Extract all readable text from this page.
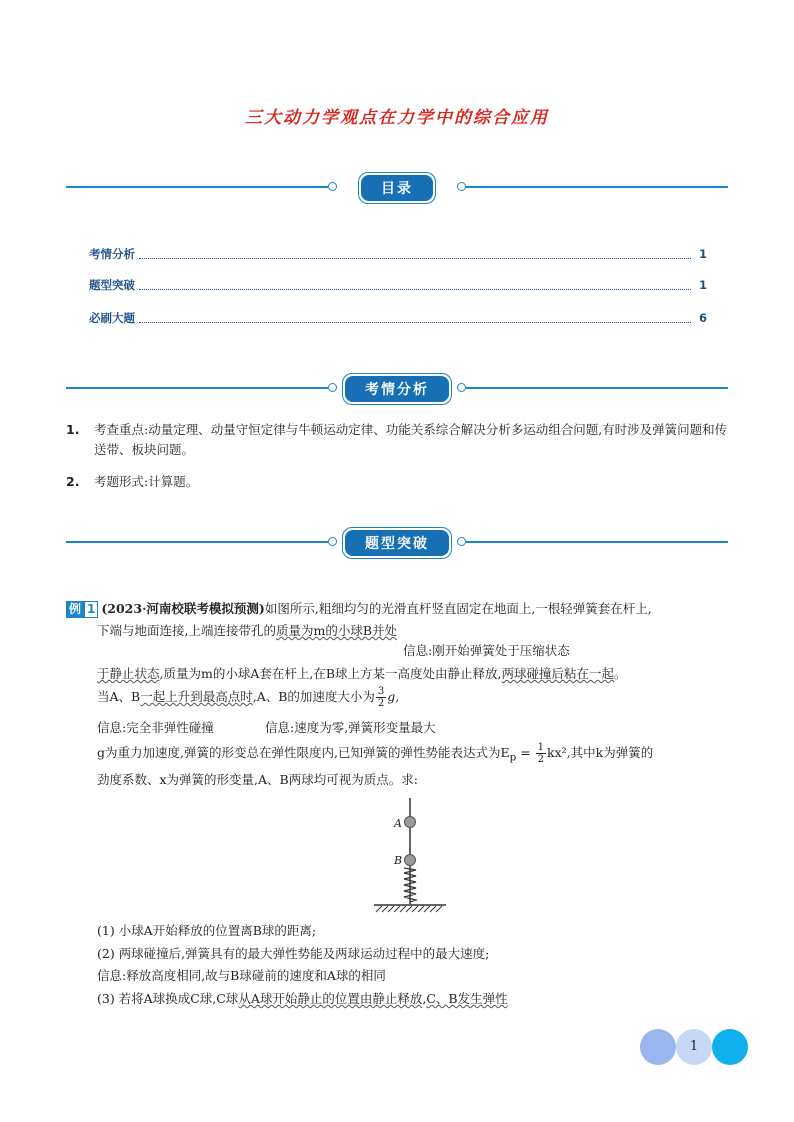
三大动力学观点在力学中的综合应用
目录
考情分析	1
题型突破	1
必刷大题	6
考情分析
1.	考查重点:动量定理、动量守恒定律与牛顿运动定律、功能关系综合解决分析多运动组合问题,有时涉及弹簧问题和传送带、板块问题。
2.	考题形式:计算题。
题型突破
例 1 (2023·河南校联考模拟预测)如图所示,粗细均匀的光滑直杆竖直固定在地面上,一根轻弹簧套在杆上,
下端与地面连接,上端连接带孔的质量为m的小球B并处
信息:刚开始弹簧处于压缩状态
于静止状态,质量为m的小球A套在杆上,在B球上方某一高度处由静止释放,两球碰撞后粘在一起。
当A、B一起上升到最高点时,A、B的加速度大小为 $\frac{3}{2} g$,
信息:完全非弹性碰撞	信息:速度为零,弹簧形变量最大
g为重力加速度,弹簧的形变总在弹性限度内,已知弹簧的弹性势能表达式为$E_p = \frac{1}{2} kx^2$,其中k为弹簧的
劲度系数、x为弹簧的形变量,A、B两球均可视为质点。求:
A
B
(1) 小球A开始释放的位置离B球的距离;
(2) 两球碰撞后,弹簧具有的最大弹性势能及两球运动过程中的最大速度;
信息:释放高度相同,故与B球碰前的速度和A球的相同
(3) 若将A球换成C球,C球从A球开始静止的位置由静止释放,C、B发生弹性
1
